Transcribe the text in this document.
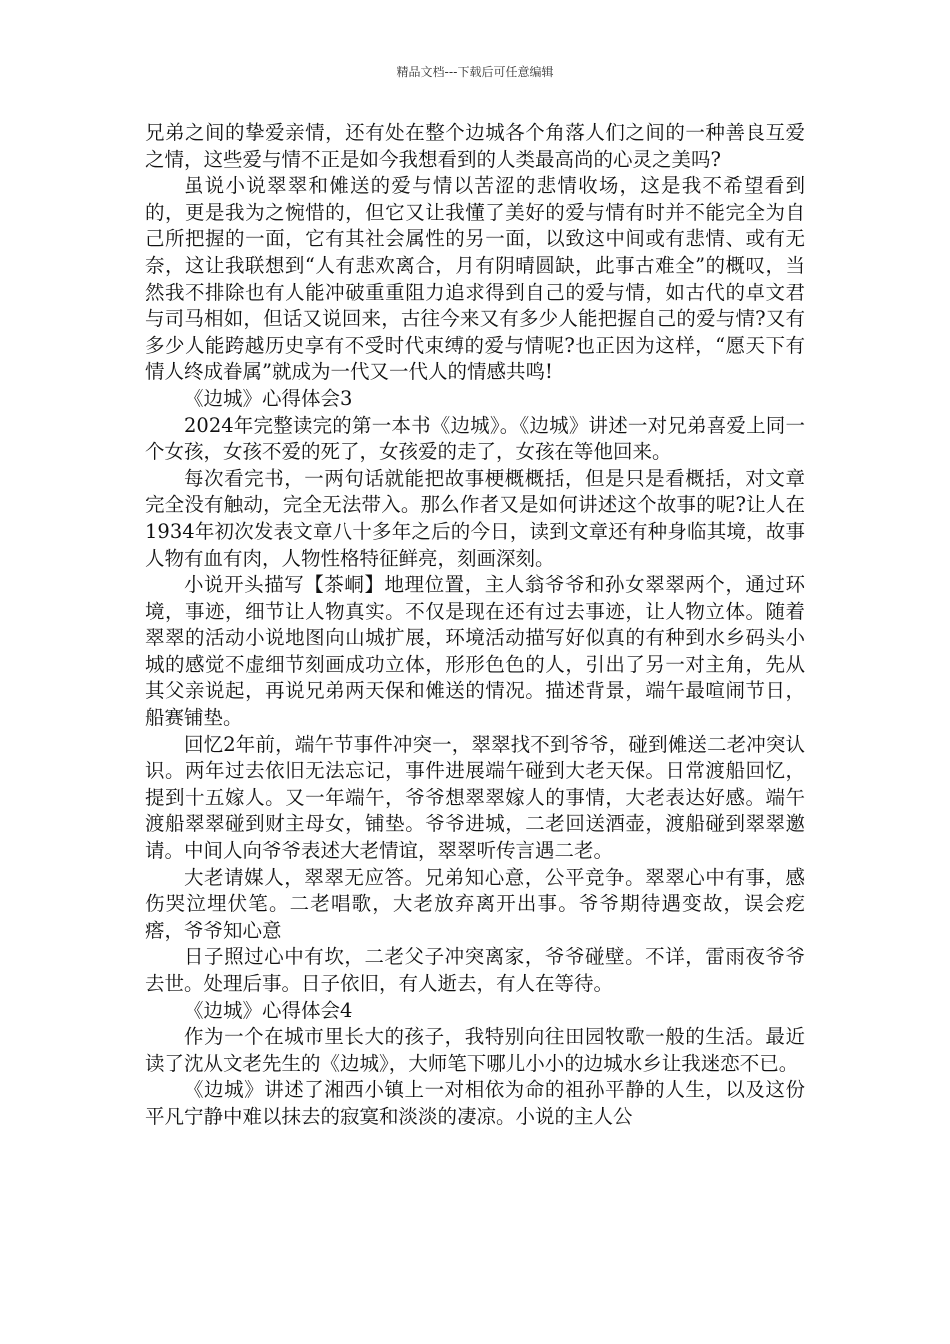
精品文档---下载后可任意编辑

兄弟之间的挚爱亲情，还有处在整个边城各个角落人们之间的一种善良互爱之情，这些爱与情不正是如今我想看到的人类最高尚的心灵之美吗?

虽说小说翠翠和傩送的爱与情以苦涩的悲情收场，这是我不希望看到的，更是我为之惋惜的，但它又让我懂了美好的爱与情有时并不能完全为自己所把握的一面，它有其社会属性的另一面，以致这中间或有悲情、或有无奈，这让我联想到“人有悲欢离合，月有阴晴圆缺，此事古难全”的概叹，当然我不排除也有人能冲破重重阻力追求得到自己的爱与情，如古代的卓文君与司马相如，但话又说回来，古往今来又有多少人能把握自己的爱与情?又有多少人能跨越历史享有不受时代束缚的爱与情呢?也正因为这样，“愿天下有情人终成眷属”就成为一代又一代人的情感共鸣!

《边城》心得体会3

2024年完整读完的第一本书《边城》。《边城》讲述一对兄弟喜爱上同一个女孩，女孩不爱的死了，女孩爱的走了，女孩在等他回来。

每次看完书，一两句话就能把故事梗概概括，但是只是看概括，对文章完全没有触动，完全无法带入。那么作者又是如何讲述这个故事的呢?让人在1934年初次发表文章八十多年之后的今日，读到文章还有种身临其境，故事人物有血有肉，人物性格特征鲜亮，刻画深刻。

小说开头描写【茶峒】地理位置，主人翁爷爷和孙女翠翠两个，通过环境，事迹，细节让人物真实。不仅是现在还有过去事迹，让人物立体。随着翠翠的活动小说地图向山城扩展，环境活动描写好似真的有种到水乡码头小城的感觉不虚细节刻画成功立体，形形色色的人，引出了另一对主角，先从其父亲说起，再说兄弟两天保和傩送的情况。描述背景，端午最喧闹节日，船赛铺垫。

回忆2年前，端午节事件冲突一，翠翠找不到爷爷，碰到傩送二老冲突认识。两年过去依旧无法忘记，事件进展端午碰到大老天保。日常渡船回忆，提到十五嫁人。又一年端午，爷爷想翠翠嫁人的事情，大老表达好感。端午渡船翠翠碰到财主母女，铺垫。爷爷进城，二老回送酒壶，渡船碰到翠翠邀请。中间人向爷爷表述大老情谊，翠翠听传言遇二老。

大老请媒人，翠翠无应答。兄弟知心意，公平竞争。翠翠心中有事，感伤哭泣埋伏笔。二老唱歌，大老放弃离开出事。爷爷期待遇变故，误会疙瘩，爷爷知心意

日子照过心中有坎，二老父子冲突离家，爷爷碰壁。不详，雷雨夜爷爷去世。处理后事。日子依旧，有人逝去，有人在等待。

《边城》心得体会4

作为一个在城市里长大的孩子，我特别向往田园牧歌一般的生活。最近读了沈从文老先生的《边城》，大师笔下哪儿小小的边城水乡让我迷恋不已。

《边城》讲述了湘西小镇上一对相依为命的祖孙平静的人生，以及这份平凡宁静中难以抹去的寂寞和淡淡的凄凉。小说的主人公
